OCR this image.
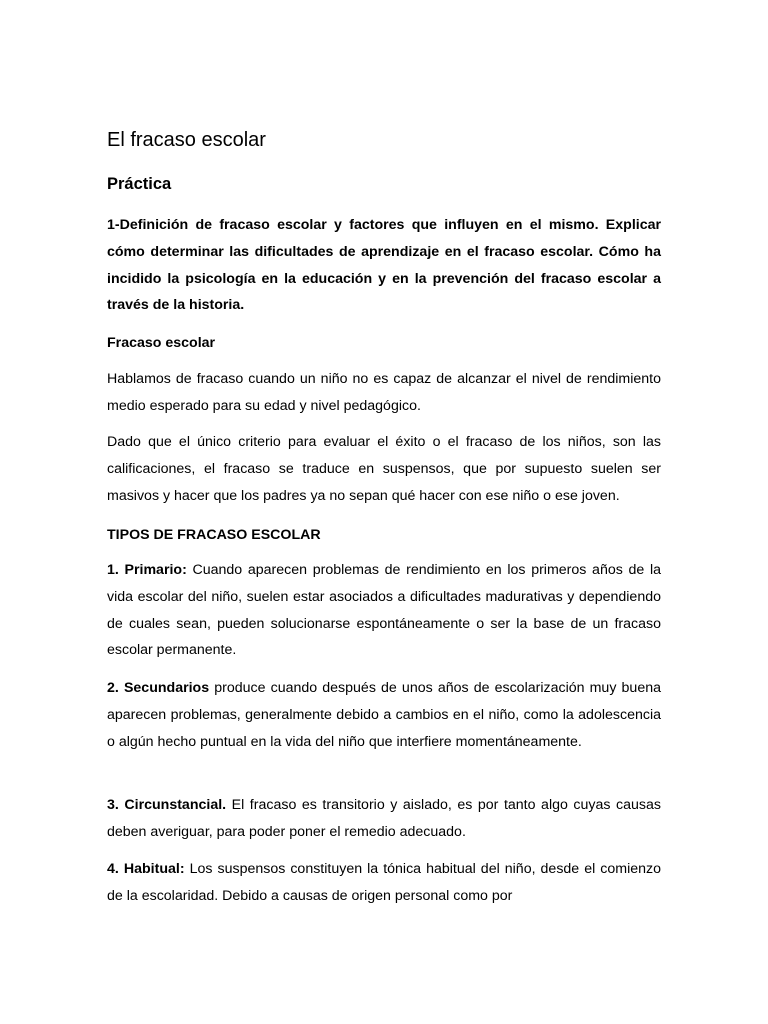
El fracaso escolar
Práctica

1-Definición de fracaso escolar y factores que influyen en el mismo. Explicar cómo determinar las dificultades de aprendizaje en el fracaso escolar. Cómo ha incidido la psicología en la educación y en la prevención del fracaso escolar a través de la historia.

Fracaso escolar

Hablamos de fracaso cuando un niño no es capaz de alcanzar el nivel de rendimiento medio esperado para su edad y nivel pedagógico.

Dado que el único criterio para evaluar el éxito o el fracaso de los niños, son las calificaciones, el fracaso se traduce en suspensos, que por supuesto suelen ser masivos y hacer que los padres ya no sepan qué hacer con ese niño o ese joven.

TIPOS DE FRACASO ESCOLAR

1. Primario: Cuando aparecen problemas de rendimiento en los primeros años de la vida escolar del niño, suelen estar asociados a dificultades madurativas y dependiendo de cuales sean, pueden solucionarse espontáneamente o ser la base de un fracaso escolar permanente.

2. Secundarios produce cuando después de unos años de escolarización muy buena aparecen problemas, generalmente debido a cambios en el niño, como la adolescencia o algún hecho puntual en la vida del niño que interfiere momentáneamente.

3. Circunstancial. El fracaso es transitorio y aislado, es por tanto algo cuyas causas deben averiguar, para poder poner el remedio adecuado.

4. Habitual: Los suspensos constituyen la tónica habitual del niño, desde el comienzo de la escolaridad. Debido a causas de origen personal como por
